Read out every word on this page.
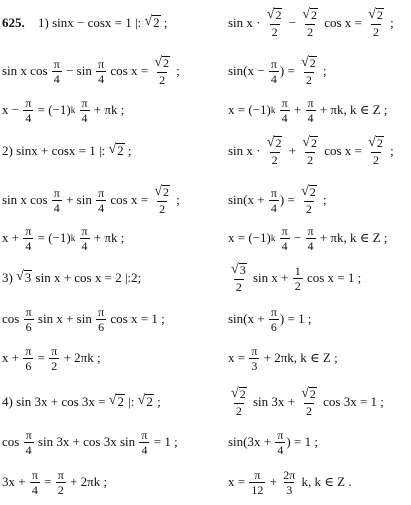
625. 1) sinx − cosx = 1 |: √ 2 ;
sin x $\cos \frac{\pi}{4} - \sin \frac{\pi}{4}$ $\cos x = \frac{√ 2}{2}$ ;
$x - \frac{\pi}{4} = (-1)$ k
$\frac{\pi}{4} + \pi k$ ;
2) sinx + cosx = 1 |: √ 2 ;
sin x $\cos \frac{\pi}{4} + \sin \frac{\pi}{4}$ $\cos x = \frac{√ 2}{2}$ ;
$x + \frac{\pi}{4} = (-1)$ k
$\frac{\pi}{4} + \pi k$ ;
3) √ 3 sin x + cos x = 2 |:2;
$\cos \frac{\pi}{6}$ $\sin x + \sin \frac{\pi}{6}$ cos x = 1 ;
$x + \frac{\pi}{6} = \frac{\pi}{2} + 2\pi k$ ;
4) sin 3x + cos 3x = √ 2 |: √ 2 ;
$\cos \frac{\pi}{4}$ sin 3x + cos 3x $\sin \frac{\pi}{4} = 1$ ;
$3x + \frac{\pi}{4} = \frac{\pi}{2} + 2\pi k$ ;
$\sin x \cdot \frac{√ 2}{2} - \frac{√ 2}{2}$ $\cos x = \frac{√ 2}{2}$ ;
$\sin(x - \frac{\pi}{4}$ ) = $\frac{√ 2}{2}$ ;
x = (−1) k
$\frac{\pi}{4} + \frac{\pi}{4} + \pi k$, k ∈ Z ;
$\sin x \cdot \frac{√ 2}{2} + \frac{√ 2}{2}$ $\cos x = \frac{√ 2}{2}$ ;
$\sin(x + \frac{\pi}{4}$ ) = $\frac{√ 2}{2}$ ;
x = (−1) k
$\frac{\pi}{4} - \frac{\pi}{4} + \pi k$, k ∈ Z ;
$\frac{√ 3}{2}$ $\sin x + \frac{1}{2}$ cos x = 1 ;
$\sin(x + \frac{\pi}{6}$ ) = 1 ;
$x = \frac{\pi}{3} + 2\pi k$, k ∈ Z ;
$\frac{√ 2}{2}$ $\sin 3x + \frac{√ 2}{2}$ cos 3x = 1 ;
$\sin(3x + \frac{\pi}{4}$ ) = 1 ;
$x = \frac{\pi}{12} + \frac{2\pi}{3} k$, k ∈ Z .
